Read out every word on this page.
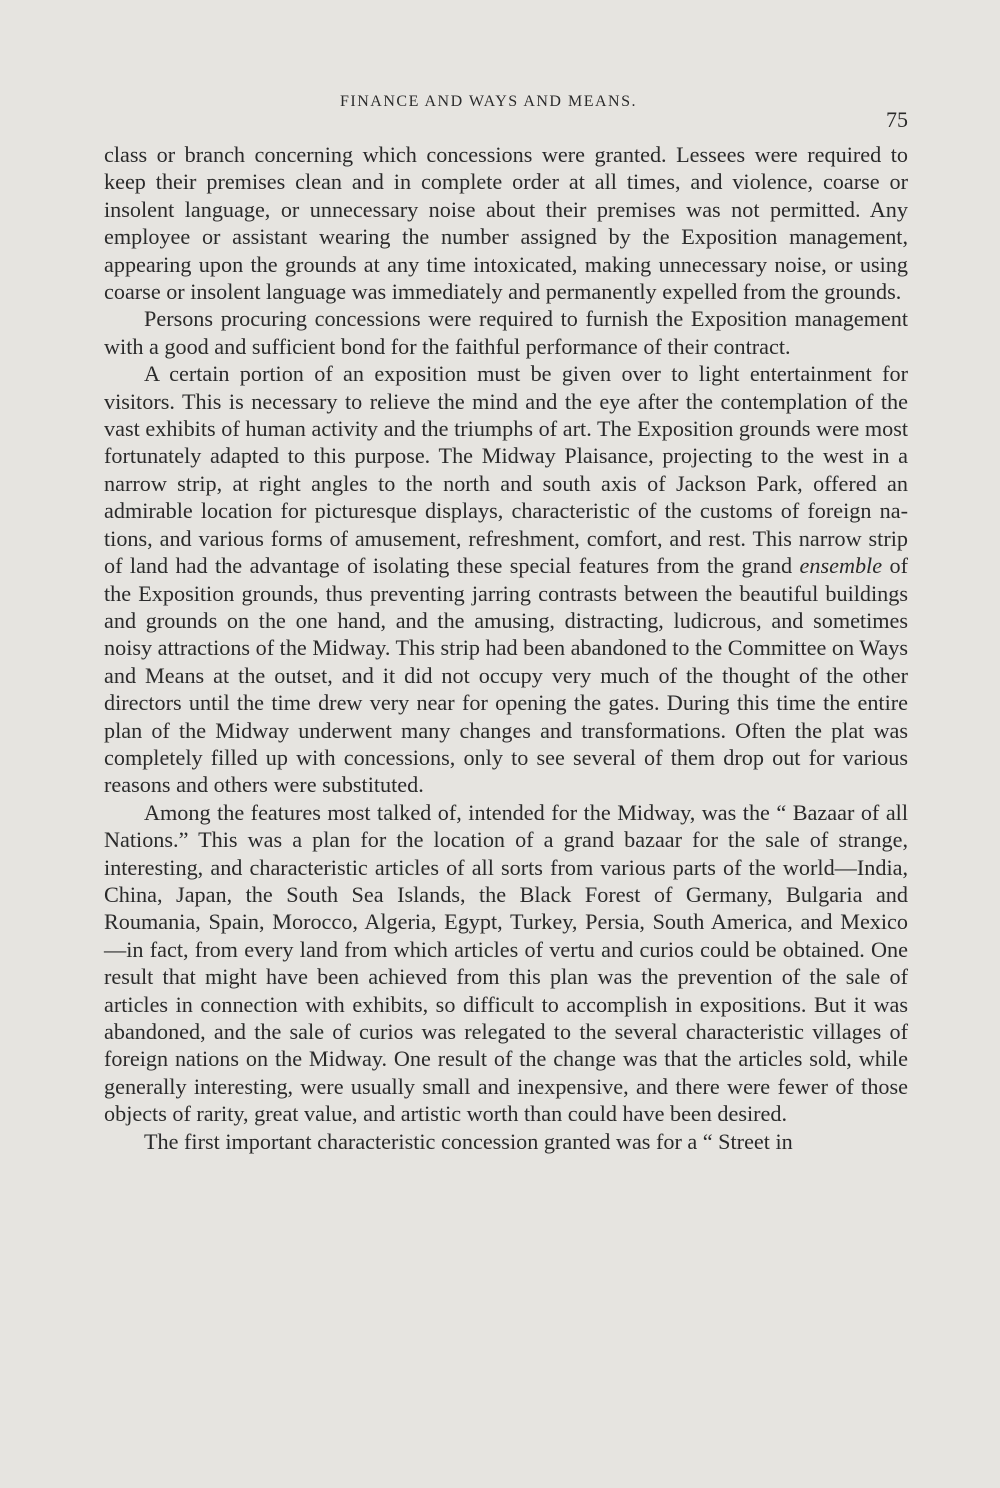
FINANCE AND WAYS AND MEANS.
75

class or branch concerning which concessions were granted. Lessees were required to keep their premises clean and in complete order at all times, and violence, coarse or insolent language, or unnecessary noise about their premises was not permitted. Any employee or assistant wearing the number assigned by the Exposition management, appearing upon the grounds at any time intoxicated, making unnecessary noise, or using coarse or insolent language was immediately and permanently expelled from the grounds.

Persons procuring concessions were required to furnish the Exposition management with a good and sufficient bond for the faithful performance of their contract.

A certain portion of an exposition must be given over to light entertainment for visitors. This is necessary to relieve the mind and the eye after the contemplation of the vast exhibits of human activity and the triumphs of art. The Exposition grounds were most fortunately adapted to this purpose. The Midway Plaisance, projecting to the west in a narrow strip, at right angles to the north and south axis of Jackson Park, offered an admirable location for picturesque displays, characteristic of the customs of foreign nations, and various forms of amusement, refreshment, comfort, and rest. This narrow strip of land had the advantage of isolating these special features from the grand ensemble of the Exposition grounds, thus preventing jarring contrasts between the beautiful buildings and grounds on the one hand, and the amusing, distracting, ludicrous, and sometimes noisy attractions of the Midway. This strip had been abandoned to the Committee on Ways and Means at the outset, and it did not occupy very much of the thought of the other directors until the time drew very near for opening the gates. During this time the entire plan of the Midway underwent many changes and transformations. Often the plat was completely filled up with concessions, only to see several of them drop out for various reasons and others were substituted.

Among the features most talked of, intended for the Midway, was the “ Bazaar of all Nations.” This was a plan for the location of a grand bazaar for the sale of strange, interesting, and characteristic articles of all sorts from various parts of the world—India, China, Japan, the South Sea Islands, the Black Forest of Germany, Bulgaria and Roumania, Spain, Morocco, Algeria, Egypt, Turkey, Persia, South America, and Mexico—in fact, from every land from which articles of vertu and curios could be obtained. One result that might have been achieved from this plan was the prevention of the sale of articles in connection with exhibits, so difficult to accomplish in expositions. But it was abandoned, and the sale of curios was relegated to the several characteristic villages of foreign nations on the Midway. One result of the change was that the articles sold, while generally interesting, were usually small and inexpensive, and there were fewer of those objects of rarity, great value, and artistic worth than could have been desired.

The first important characteristic concession granted was for a “ Street in
